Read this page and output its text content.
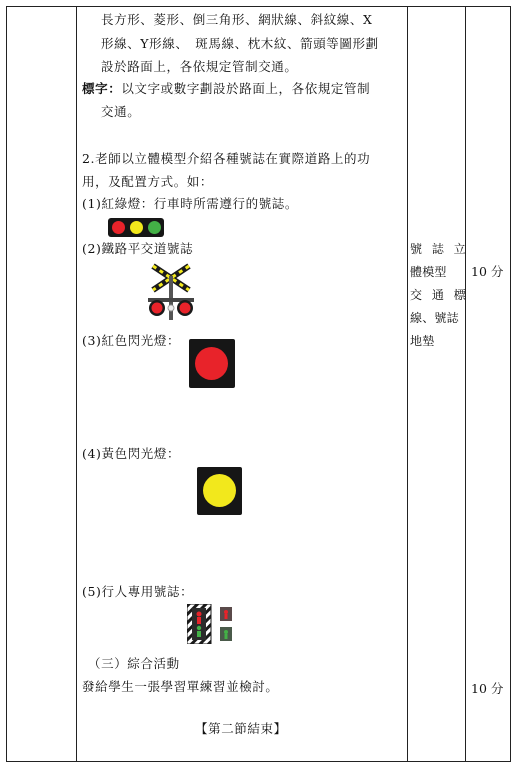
長方形、菱形、倒三角形、網狀線、斜紋線、X
形線、Y形線、　斑馬線、枕木紋、箭頭等圖形劃
設於路面上，各依規定管制交通。
標字：以文字或數字劃設於路面上，各依規定管制
交通。
2.老師以立體模型介紹各種號誌在實際道路上的功
用，及配置方式。如：
(1)紅綠燈：行車時所需遵行的號誌。
(2)鐵路平交道號誌
(3)紅色閃光燈：
(4)黃色閃光燈：
(5)行人專用號誌：
（三）綜合活動
發給學生一張學習單練習並檢討。
【第二節結束】
號 誌 立
體模型
交 通 標
線、號誌
地墊
10 分
10 分
